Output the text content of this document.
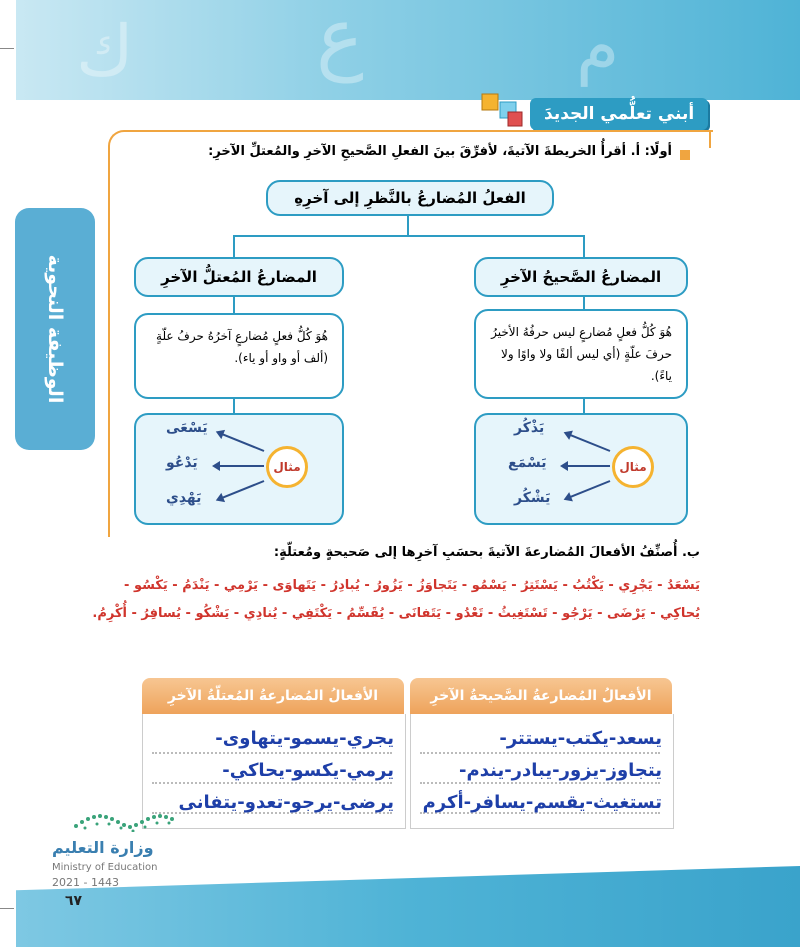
ك ع	م
الوظيفة النحوية
أبني تعلُّمي الجديدَ
أولًا: أ. أقرأُ الخريطةَ الآتيةَ، لأفرِّقَ بينَ الفعلِ الصَّحيحِ الآخرِ والمُعتلِّ الآخرِ:
الفعلُ المُضارعُ بالنَّظرِ إلى آخرِهِ
المضارعُ الصَّحيحُ الآخرِ
المضارعُ المُعتلُّ الآخرِ
هُوَ كُلُّ فعلٍ مُضارعٍ ليس حرفُهُ الأخيرُ حرفَ علّةٍ (أي ليس ألفًا ولا واوًا ولا ياءً).
هُوَ كُلُّ فعلٍ مُضارعٍ آخرُهُ حرفُ علّةٍ (ألف أو واو أو ياء).
مثال
مثال
يَذْكُر
يَسْمَع
يَشْكُر
يَسْعَى
يَدْعُو
يَهْدِي
ب. أُصنِّفُ الأفعالَ المُضارعةَ الآتيةَ بحسَبِ آخرِها إلى صَحيحةٍ ومُعتلّةٍ:
يَسْعَدُ - يَجْرِي - يَكْتُبُ - يَسْتَتِرُ - يَسْمُو - يَتَجاوَزُ - يَزُورُ - يُبادِرُ - يَتَهاوَى - يَرْمِي - يَنْدَمُ - يَكْسُو -
يُحاكِي - يَرْضَى - يَرْجُو - تَسْتَغِيثُ - تَعْدُو - يَتَفانَى - يُقَسِّمُ - يَكْتَفِي - يُنادِي - يَشْكُو - يُسافِرُ - أُكْرِمُ.
الأفعالُ المُضارعةُ الصَّحيحةُ الآخرِ
الأفعالُ المُضارعةُ المُعتلّةُ الآخرِ
يسعد-يكتب-يستتر-
يتجاوز-يزور-يبادر-يندم-
تستغيث-يقسم-يسافر-أكرم
يجري-يسمو-يتهاوى-
يرمي-يكسو-يحاكي-
يرضى-يرجو-تعدو-يتفانى
وزارة التعليم
Ministry of Education
2021 - 1443
٦٧
